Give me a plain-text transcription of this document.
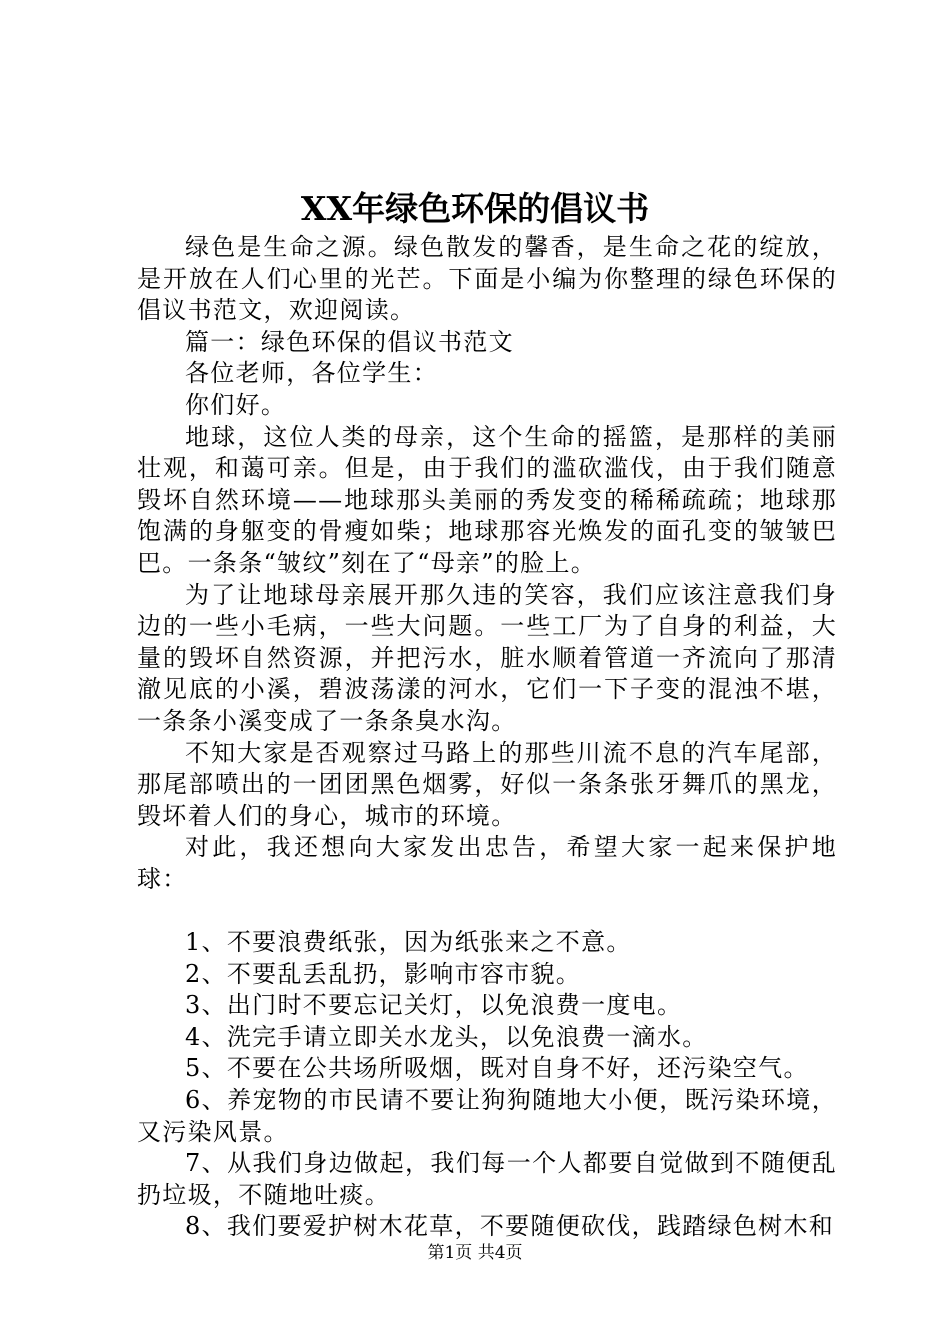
XX年绿色环保的倡议书

绿色是生命之源。绿色散发的馨香，是生命之花的绽放，是开放在人们心里的光芒。下面是小编为你整理的绿色环保的倡议书范文，欢迎阅读。

篇一：绿色环保的倡议书范文

各位老师，各位学生：

你们好。

地球，这位人类的母亲，这个生命的摇篮，是那样的美丽壮观，和蔼可亲。但是，由于我们的滥砍滥伐，由于我们随意毁坏自然环境——地球那头美丽的秀发变的稀稀疏疏；地球那饱满的身躯变的骨瘦如柴；地球那容光焕发的面孔变的皱皱巴巴。一条条“皱纹”刻在了“母亲”的脸上。

为了让地球母亲展开那久违的笑容，我们应该注意我们身边的一些小毛病，一些大问题。一些工厂为了自身的利益，大量的毁坏自然资源，并把污水，脏水顺着管道一齐流向了那清澈见底的小溪，碧波荡漾的河水，它们一下子变的混浊不堪，一条条小溪变成了一条条臭水沟。

不知大家是否观察过马路上的那些川流不息的汽车尾部，那尾部喷出的一团团黑色烟雾，好似一条条张牙舞爪的黑龙，毁坏着人们的身心，城市的环境。

对此，我还想向大家发出忠告，希望大家一起来保护地球：

1、不要浪费纸张，因为纸张来之不意。

2、不要乱丢乱扔，影响市容市貌。

3、出门时不要忘记关灯，以免浪费一度电。

4、洗完手请立即关水龙头，以免浪费一滴水。

5、不要在公共场所吸烟，既对自身不好，还污染空气。

6、养宠物的市民请不要让狗狗随地大小便，既污染环境，又污染风景。

7、从我们身边做起，我们每一个人都要自觉做到不随便乱扔垃圾，不随地吐痰。

8、我们要爱护树木花草，不要随便砍伐，践踏绿色树木和

第1页 共4页
